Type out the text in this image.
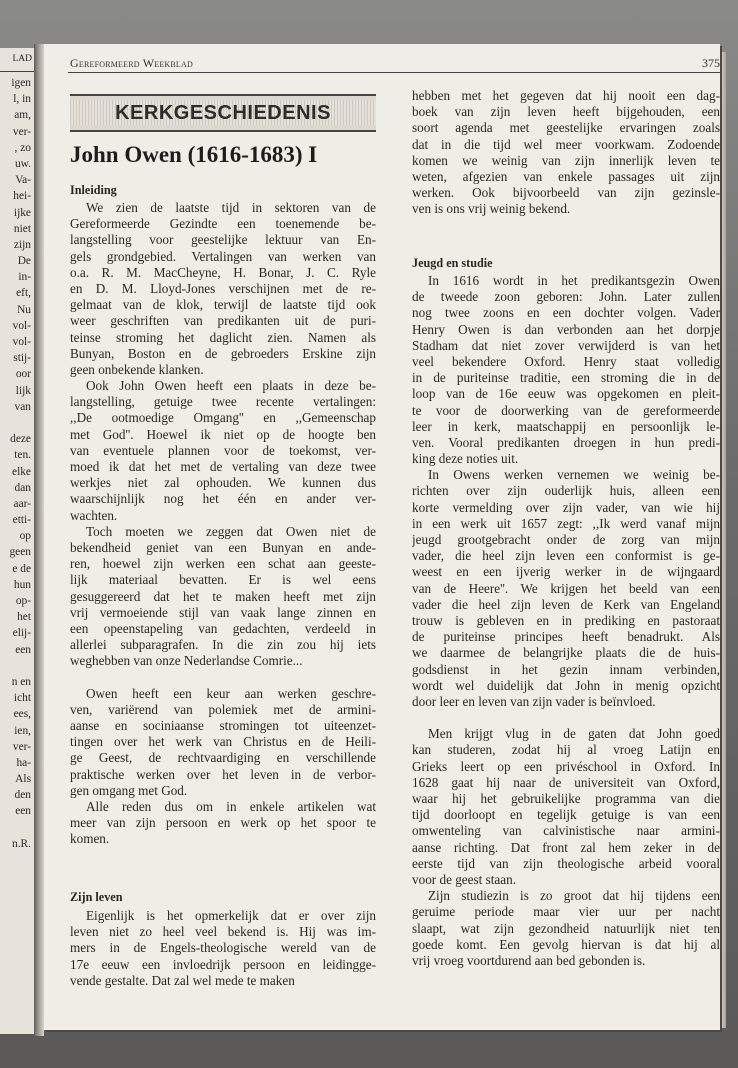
LAD
igen
l, in
am,
ver-
, zo
uw.
Va-
hei-
ijke
niet
zijn
De
in-
eft,
Nu
vol-
vol-
stij-
oor
lijk
van
deze
ten.
elke
dan
aar-
etti-
op
geen
e de
hun
op-
het
elij-
een
n en
icht
ees,
ien,
ver-
ha-
Als
den
een
n.R.
Gereformeerd Weekblad	375
KERKGESCHIEDENIS
John Owen (1616-1683) I
Inleiding
We zien de laatste tijd in sektoren van de
Gereformeerde Gezindte een toenemende be-
langstelling voor geestelijke lektuur van En-
gels grondgebied. Vertalingen van werken van
o.a. R. M. MacCheyne, H. Bonar, J. C. Ryle
en D. M. Lloyd-Jones verschijnen met de re-
gelmaat van de klok, terwijl de laatste tijd ook
weer geschriften van predikanten uit de puri-
teinse stroming het daglicht zien. Namen als
Bunyan, Boston en de gebroeders Erskine zijn
geen onbekende klanken.
Ook John Owen heeft een plaats in deze be-
langstelling, getuige twee recente vertalingen:
,,De ootmoedige Omgang'' en ,,Gemeenschap
met God''. Hoewel ik niet op de hoogte ben
van eventuele plannen voor de toekomst, ver-
moed ik dat het met de vertaling van deze twee
werkjes niet zal ophouden. We kunnen dus
waarschijnlijk nog het één en ander ver-
wachten.
Toch moeten we zeggen dat Owen niet de
bekendheid geniet van een Bunyan en ande-
ren, hoewel zijn werken een schat aan geeste-
lijk materiaal bevatten. Er is wel eens
gesuggereerd dat het te maken heeft met zijn
vrij vermoeiende stijl van vaak lange zinnen en
een opeenstapeling van gedachten, verdeeld in
allerlei subparagrafen. In die zin zou hij iets
weghebben van onze Nederlandse Comrie...
Owen heeft een keur aan werken geschre-
ven, variërend van polemiek met de armini-
aanse en sociniaanse stromingen tot uiteenzet-
tingen over het werk van Christus en de Heili-
ge Geest, de rechtvaardiging en verschillende
praktische werken over het leven in de verbor-
gen omgang met God.
Alle reden dus om in enkele artikelen wat
meer van zijn persoon en werk op het spoor te
komen.
Zijn leven
Eigenlijk is het opmerkelijk dat er over zijn
leven niet zo heel veel bekend is. Hij was im-
mers in de Engels-theologische wereld van de
17e eeuw een invloedrijk persoon en leidingge-
vende gestalte. Dat zal wel mede te maken
hebben met het gegeven dat hij nooit een dag-
boek van zijn leven heeft bijgehouden, een
soort agenda met geestelijke ervaringen zoals
dat in die tijd wel meer voorkwam. Zodoende
komen we weinig van zijn innerlijk leven te
weten, afgezien van enkele passages uit zijn
werken. Ook bijvoorbeeld van zijn gezinsle-
ven is ons vrij weinig bekend.
Jeugd en studie
In 1616 wordt in het predikantsgezin Owen
de tweede zoon geboren: John. Later zullen
nog twee zoons en een dochter volgen. Vader
Henry Owen is dan verbonden aan het dorpje
Stadham dat niet zover verwijderd is van het
veel bekendere Oxford. Henry staat volledig
in de puriteinse traditie, een stroming die in de
loop van de 16e eeuw was opgekomen en pleit-
te voor de doorwerking van de gereformeerde
leer in kerk, maatschappij en persoonlijk le-
ven. Vooral predikanten droegen in hun predi-
king deze noties uit.
In Owens werken vernemen we weinig be-
richten over zijn ouderlijk huis, alleen een
korte vermelding over zijn vader, van wie hij
in een werk uit 1657 zegt: ,,Ik werd vanaf mijn
jeugd grootgebracht onder de zorg van mijn
vader, die heel zijn leven een conformist is ge-
weest en een ijverig werker in de wijngaard
van de Heere''. We krijgen het beeld van een
vader die heel zijn leven de Kerk van Engeland
trouw is gebleven en in prediking en pastoraat
de puriteinse principes heeft benadrukt. Als
we daarmee de belangrijke plaats die de huis-
godsdienst in het gezin innam verbinden,
wordt wel duidelijk dat John in menig opzicht
door leer en leven van zijn vader is beïnvloed.
Men krijgt vlug in de gaten dat John goed
kan studeren, zodat hij al vroeg Latijn en
Grieks leert op een privéschool in Oxford. In
1628 gaat hij naar de universiteit van Oxford,
waar hij het gebruikelijke programma van die
tijd doorloopt en tegelijk getuige is van een
omwenteling van calvinistische naar armini-
aanse richting. Dat front zal hem zeker in de
eerste tijd van zijn theologische arbeid vooral
voor de geest staan.
Zijn studiezin is zo groot dat hij tijdens een
geruime periode maar vier uur per nacht
slaapt, wat zijn gezondheid natuurlijk niet ten
goede komt. Een gevolg hiervan is dat hij al
vrij vroeg voortdurend aan bed gebonden is.
